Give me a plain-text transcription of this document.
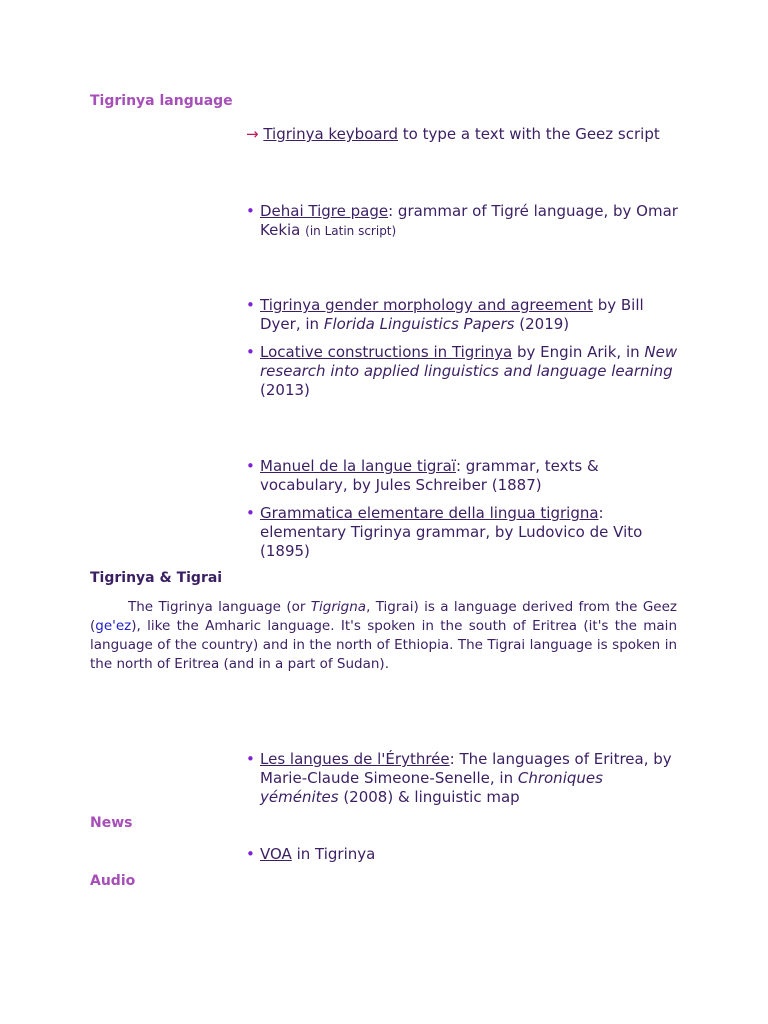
Tigrinya language
→ Tigrinya keyboard to type a text with the Geez script
• Dehai Tigre page: grammar of Tigré language, by Omar Kekia (in Latin script)
• Tigrinya gender morphology and agreement by Bill Dyer, in Florida Linguistics Papers (2019)
• Locative constructions in Tigrinya by Engin Arik, in New research into applied linguistics and language learning (2013)
• Manuel de la langue tigraï: grammar, texts & vocabulary, by Jules Schreiber (1887)
• Grammatica elementare della lingua tigrigna: elementary Tigrinya grammar, by Ludovico de Vito (1895)
Tigrinya & Tigrai
The Tigrinya language (or Tigrigna, Tigrai) is a language derived from the Geez (ge'ez), like the Amharic language. It's spoken in the south of Eritrea (it's the main language of the country) and in the north of Ethiopia. The Tigrai language is spoken in the north of Eritrea (and in a part of Sudan).
• Les langues de l'Érythrée: The languages of Eritrea, by Marie-Claude Simeone-Senelle, in Chroniques yéménites (2008) & linguistic map
News
• VOA in Tigrinya
Audio
